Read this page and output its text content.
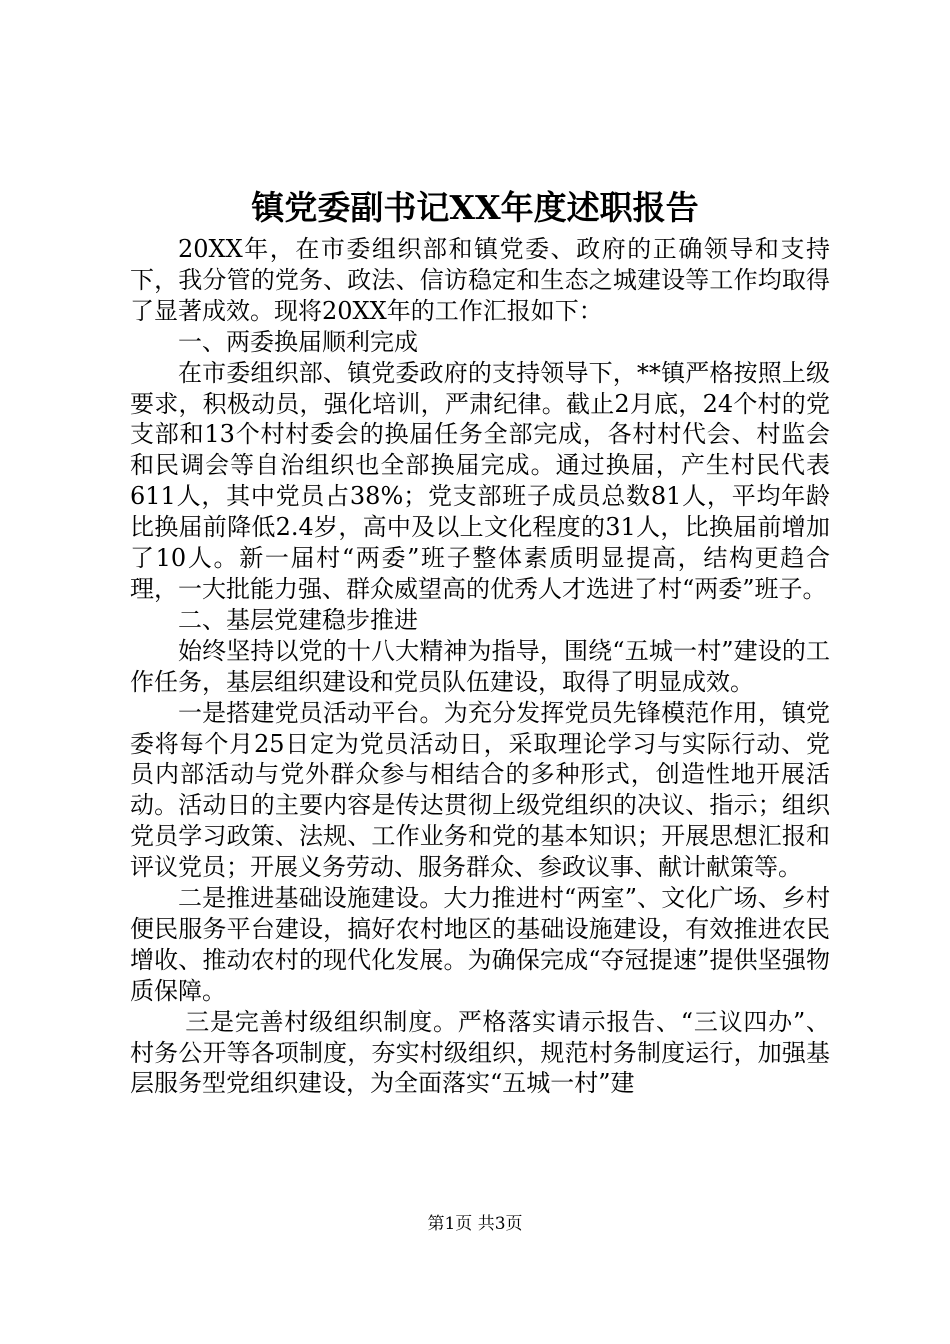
镇党委副书记XX年度述职报告

20XX年，在市委组织部和镇党委、政府的正确领导和支持下，我分管的党务、政法、信访稳定和生态之城建设等工作均取得了显著成效。现将20XX年的工作汇报如下：

一、两委换届顺利完成

在市委组织部、镇党委政府的支持领导下，**镇严格按照上级要求，积极动员，强化培训，严肃纪律。截止2月底，24个村的党支部和13个村村委会的换届任务全部完成，各村村代会、村监会和民调会等自治组织也全部换届完成。通过换届，产生村民代表611人，其中党员占38%；党支部班子成员总数81人，平均年龄比换届前降低2.4岁，高中及以上文化程度的31人，比换届前增加了10人。新一届村“两委”班子整体素质明显提高，结构更趋合理，一大批能力强、群众威望高的优秀人才选进了村“两委”班子。

二、基层党建稳步推进

始终坚持以党的十八大精神为指导，围绕“五城一村”建设的工作任务，基层组织建设和党员队伍建设，取得了明显成效。

一是搭建党员活动平台。为充分发挥党员先锋模范作用，镇党委将每个月25日定为党员活动日，采取理论学习与实际行动、党员内部活动与党外群众参与相结合的多种形式，创造性地开展活动。活动日的主要内容是传达贯彻上级党组织的决议、指示；组织党员学习政策、法规、工作业务和党的基本知识；开展思想汇报和评议党员；开展义务劳动、服务群众、参政议事、献计献策等。

二是推进基础设施建设。大力推进村“两室”、文化广场、乡村便民服务平台建设，搞好农村地区的基础设施建设，有效推进农民增收、推动农村的现代化发展。为确保完成“夺冠提速”提供坚强物质保障。

三是完善村级组织制度。严格落实请示报告、“三议四办”、村务公开等各项制度，夯实村级组织，规范村务制度运行，加强基层服务型党组织建设，为全面落实“五城一村”建

第1页 共3页
